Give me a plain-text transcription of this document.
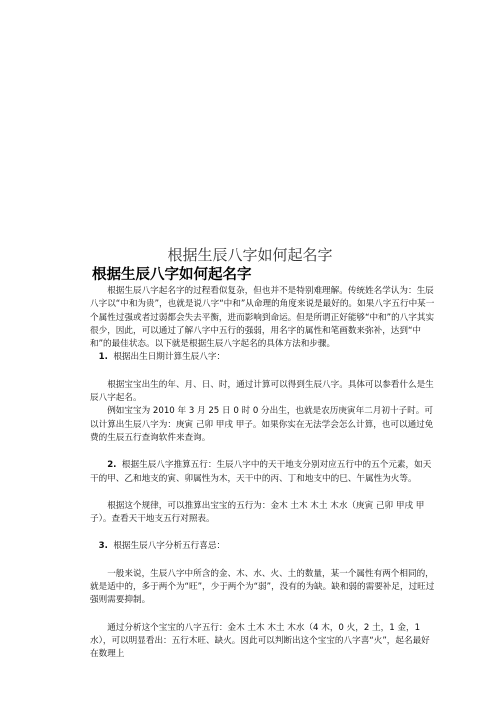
根据生辰八字如何起名字
根据生辰八字如何起名字

根据生辰八字起名字的过程看似复杂，但也并不是特别难理解。传统姓名学认为：生辰八字以“中和为贵”，也就是说八字“中和”从命理的角度来说是最好的。如果八字五行中某一个属性过强或者过弱都会失去平衡，进而影响到命运。但是所谓正好能够“中和”的八字其实很少，因此，可以通过了解八字中五行的强弱，用名字的属性和笔画数来弥补，达到“中和”的最佳状态。以下就是根据生辰八字起名的具体方法和步骤。

1. 根据出生日期计算生辰八字：

根据宝宝出生的年、月、日、时，通过计算可以得到生辰八字。具体可以参看什么是生辰八字起名。

例如宝宝为 2010 年 3 月 25 日 0 时 0 分出生，也就是农历庚寅年二月初十子时。可以计算出生辰八字为：庚寅 己卯 甲戌 甲子。如果你实在无法学会怎么计算，也可以通过免费的生辰五行查询软件来查询。

2. 根据生辰八字推算五行：生辰八字中的天干地支分别对应五行中的五个元素，如天干的甲、乙和地支的寅、卯属性为木，天干中的丙、丁和地支中的巳、午属性为火等。

根据这个规律，可以推算出宝宝的五行为：金木 土木 木土 木水（庚寅 己卯 甲戌 甲子）。查看天干地支五行对照表。

3. 根据生辰八字分析五行喜忌：

一般来说，生辰八字中所含的金、木、水、火、土的数量，某一个属性有两个相同的，就是适中的，多于两个为“旺”，少于两个为“弱”，没有的为缺。缺和弱的需要补足，过旺过强则需要抑制。

通过分析这个宝宝的八字五行：金木 土木 木土 木水（4 木，0 火，2 土，1 金，1 水），可以明显看出：五行木旺、缺火。因此可以判断出这个宝宝的八字喜“火”，起名最好在数理上
